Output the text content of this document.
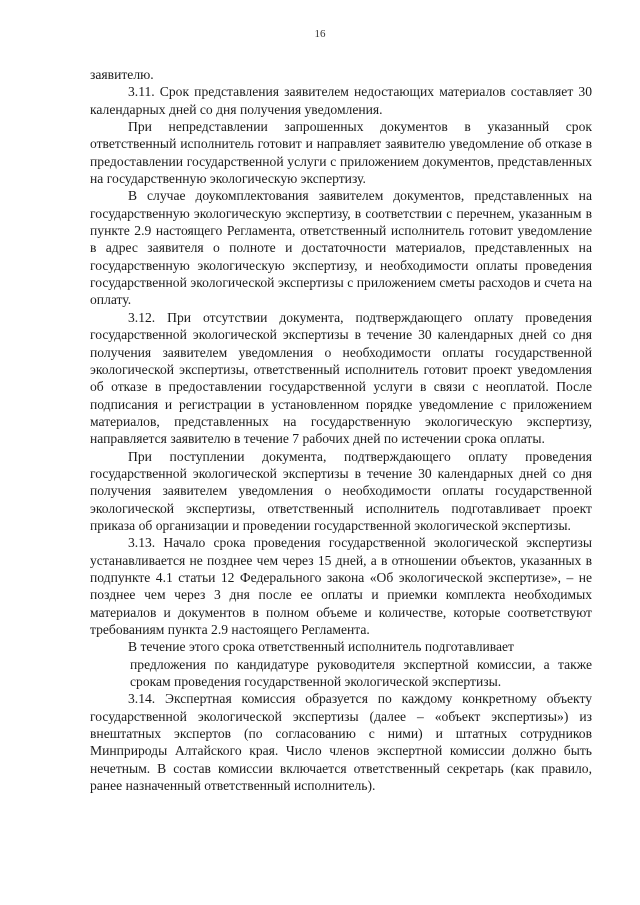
16

заявителю.

3.11. Срок представления заявителем недостающих материалов составляет 30 календарных дней со дня получения уведомления.

При непредставлении запрошенных документов в указанный срок ответственный исполнитель готовит и направляет заявителю уведомление об отказе в предоставлении государственной услуги с приложением документов, представленных на государственную экологическую экспертизу.

В случае доукомплектования заявителем документов, представленных на государственную экологическую экспертизу, в соответствии с перечнем, указанным в пункте 2.9 настоящего Регламента, ответственный исполнитель готовит уведомление в адрес заявителя о полноте и достаточности материалов, представленных на государственную экологическую экспертизу, и необходимости оплаты проведения государственной экологической экспертизы с приложением сметы расходов и счета на оплату.

3.12. При отсутствии документа, подтверждающего оплату проведения государственной экологической экспертизы в течение 30 календарных дней со дня получения заявителем уведомления о необходимости оплаты государственной экологической экспертизы, ответственный исполнитель готовит проект уведомления об отказе в предоставлении государственной услуги в связи с неоплатой. После подписания и регистрации в установленном порядке уведомление с приложением материалов, представленных на государственную экологическую экспертизу, направляется заявителю в течение 7 рабочих дней по истечении срока оплаты.

При поступлении документа, подтверждающего оплату проведения государственной экологической экспертизы в течение 30 календарных дней со дня получения заявителем уведомления о необходимости оплаты государственной экологической экспертизы, ответственный исполнитель подготавливает проект приказа об организации и проведении государственной экологической экспертизы.

3.13. Начало срока проведения государственной экологической экспертизы устанавливается не позднее чем через 15 дней, а в отношении объектов, указанных в подпункте 4.1 статьи 12 Федерального закона «Об экологической экспертизе», – не позднее чем через 3 дня после ее оплаты и приемки комплекта необходимых материалов и документов в полном объеме и количестве, которые соответствуют требованиям пункта 2.9 настоящего Регламента.

В течение этого срока ответственный исполнитель подготавливает

предложения по кандидатуре руководителя экспертной комиссии, а также срокам проведения государственной экологической экспертизы.

3.14. Экспертная комиссия образуется по каждому конкретному объекту государственной экологической экспертизы (далее – «объект экспертизы») из внештатных экспертов (по согласованию с ними) и штатных сотрудников Минприроды Алтайского края. Число членов экспертной комиссии должно быть нечетным. В состав комиссии включается ответственный секретарь (как правило, ранее назначенный ответственный исполнитель).
